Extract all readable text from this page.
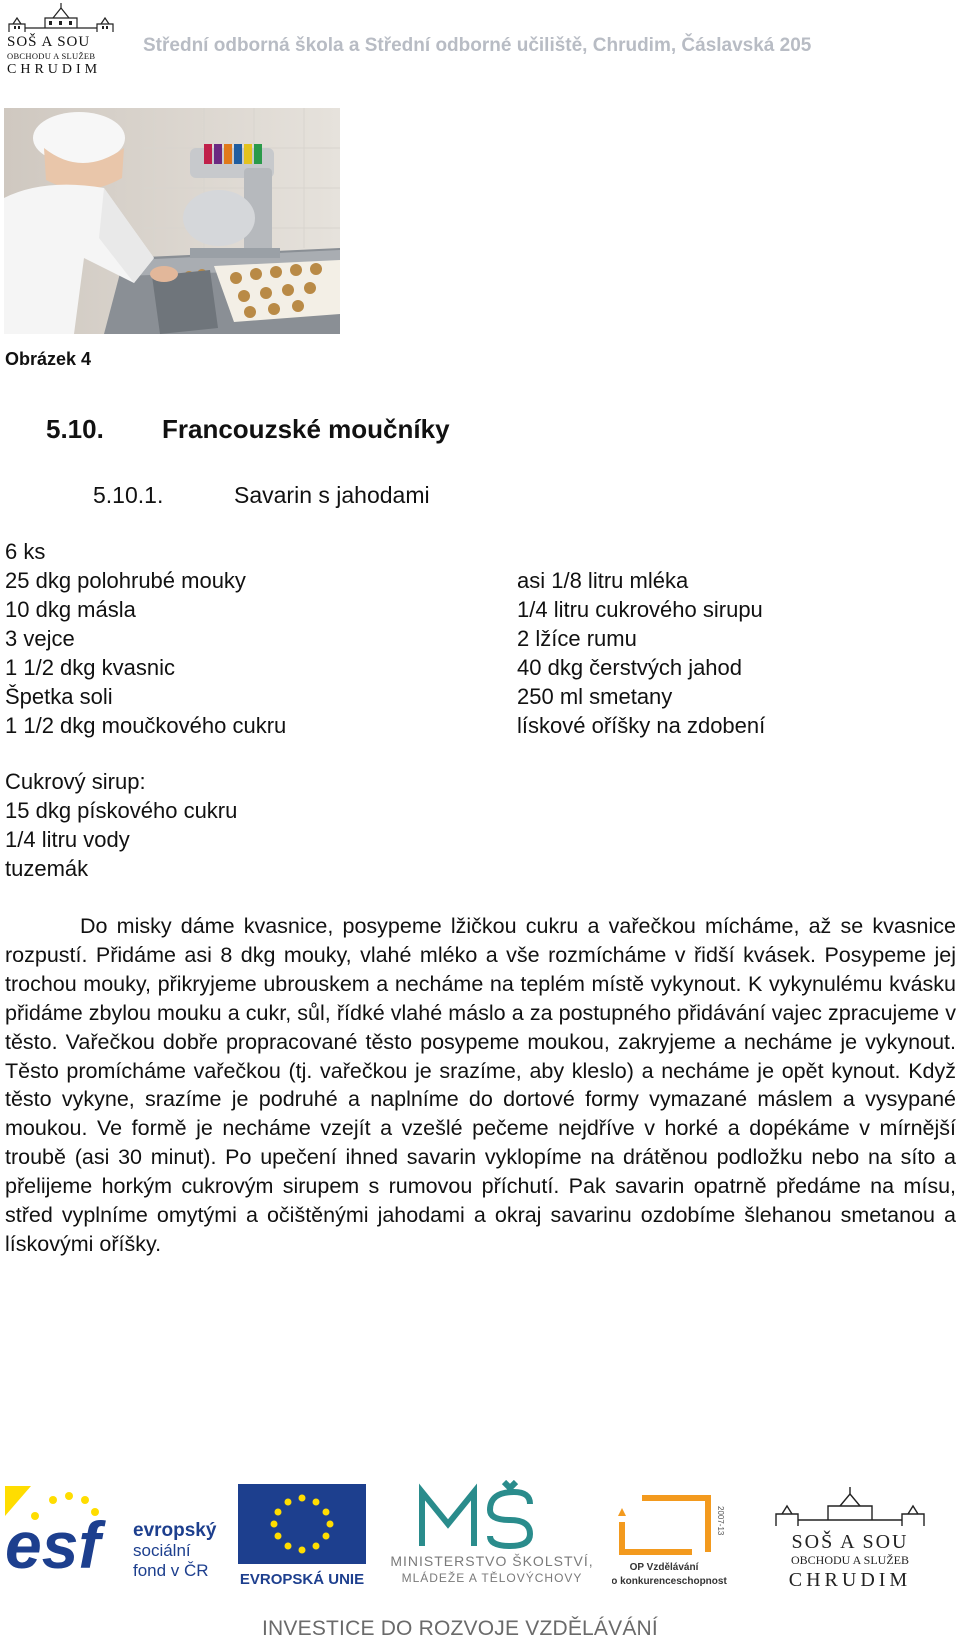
SOŠ A SOU
OBCHODU A SLUŽEB
CHRUDIM
Střední odborná škola a Střední odborné učiliště, Chrudim, Čáslavská 205
Obrázek 4
5.10. Francouzské moučníky
5.10.1.	Savarin s jahodami
6 ks
25 dkg polohrubé mouky
10 dkg másla
3 vejce
1 1/2 dkg kvasnic
Špetka soli
1 1/2 dkg moučkového cukru
asi 1/8 litru mléka
1/4 litru cukrového sirupu
2 lžíce rumu
40 dkg čerstvých jahod
250 ml smetany
lískové oříšky na zdobení
Cukrový sirup:
15 dkg pískového cukru
1/4 litru vody
tuzemák
Do misky dáme kvasnice, posypeme lžičkou cukru a vařečkou mícháme, až se kvasnice rozpustí. Přidáme asi 8 dkg mouky, vlahé mléko a vše rozmícháme v řidší kvásek. Posypeme jej trochou mouky, přikryjeme ubrouskem a necháme na teplém místě vykynout. K vykynulému kvásku přidáme zbylou mouku a cukr, sůl, řídké vlahé máslo a za postupného přidávání vajec zpracujeme v těsto. Vařečkou dobře propracované těsto posypeme moukou, zakryjeme a necháme je vykynout. Těsto promícháme vařečkou (tj. vařečkou je srazíme, aby kleslo) a necháme je opět kynout. Když těsto vykyne, srazíme je podruhé a naplníme do dortové formy vymazané máslem a vysypané moukou. Ve formě je necháme vzejít a vzešlé pečeme nejdříve v horké a dopékáme v mírnější troubě (asi 30 minut). Po upečení ihned savarin vyklopíme na drátěnou podložku nebo na síto a přelijeme horkým cukrovým sirupem s rumovou příchutí. Pak savarin opatrně předáme na mísu, střed vyplníme omytými a očištěnými jahodami a okraj savarinu ozdobíme šlehanou smetanou a lískovými oříšky.
esf	evropský
sociální
fond v ČR EVROPSKÁ UNIE
MINISTERSTVO ŠKOLSTVÍ,
MLÁDEŽE A TĚLOVÝCHOVY
2007-13
OP Vzdělávání
pro konkurenceschopnost
SOŠ A SOU
OBCHODU A SLUŽEB
CHRUDIM
INVESTICE DO ROZVOJE VZDĚLÁVÁNÍ
